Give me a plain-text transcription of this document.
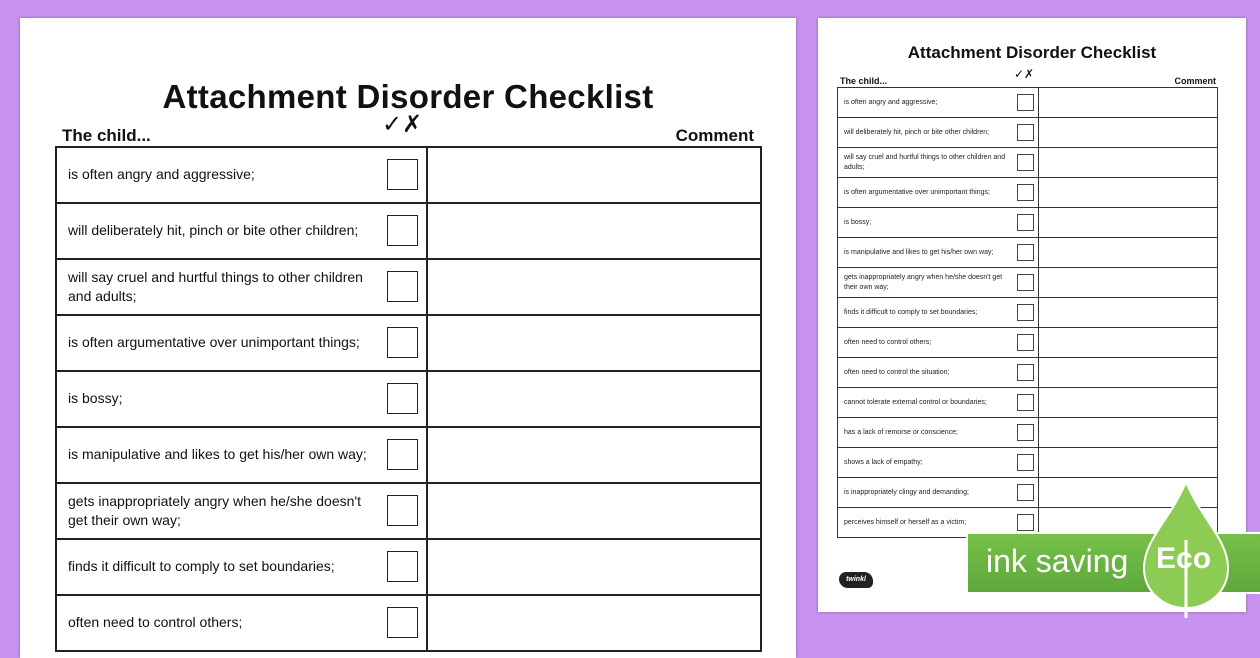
Attachment Disorder Checklist
The child...	✓✗	Comment
is often angry and aggressive;
will deliberately hit, pinch or bite other children;
will say cruel and hurtful things to other children and adults;
is often argumentative over unimportant things;
is bossy;
is manipulative and likes to get his/her own way;
gets inappropriately angry when he/she doesn't get their own way;
finds it difficult to comply to set boundaries;
often need to control others;
Attachment Disorder Checklist
The child...	✓✗	Comment
is often angry and aggressive;
will deliberately hit, pinch or bite other children;
will say cruel and hurtful things to other children and adults;
is often argumentative over unimportant things;
is bossy;
is manipulative and likes to get his/her own way;
gets inappropriately angry when he/she doesn't get their own way;
finds it difficult to comply to set boundaries;
often need to control others;
often need to control the situation;
cannot tolerate external control or boundaries;
has a lack of remorse or conscience;
shows a lack of empathy;
is inappropriately clingy and demanding;
perceives himself or herself as a victim;
twinkl
ink saving Eco
